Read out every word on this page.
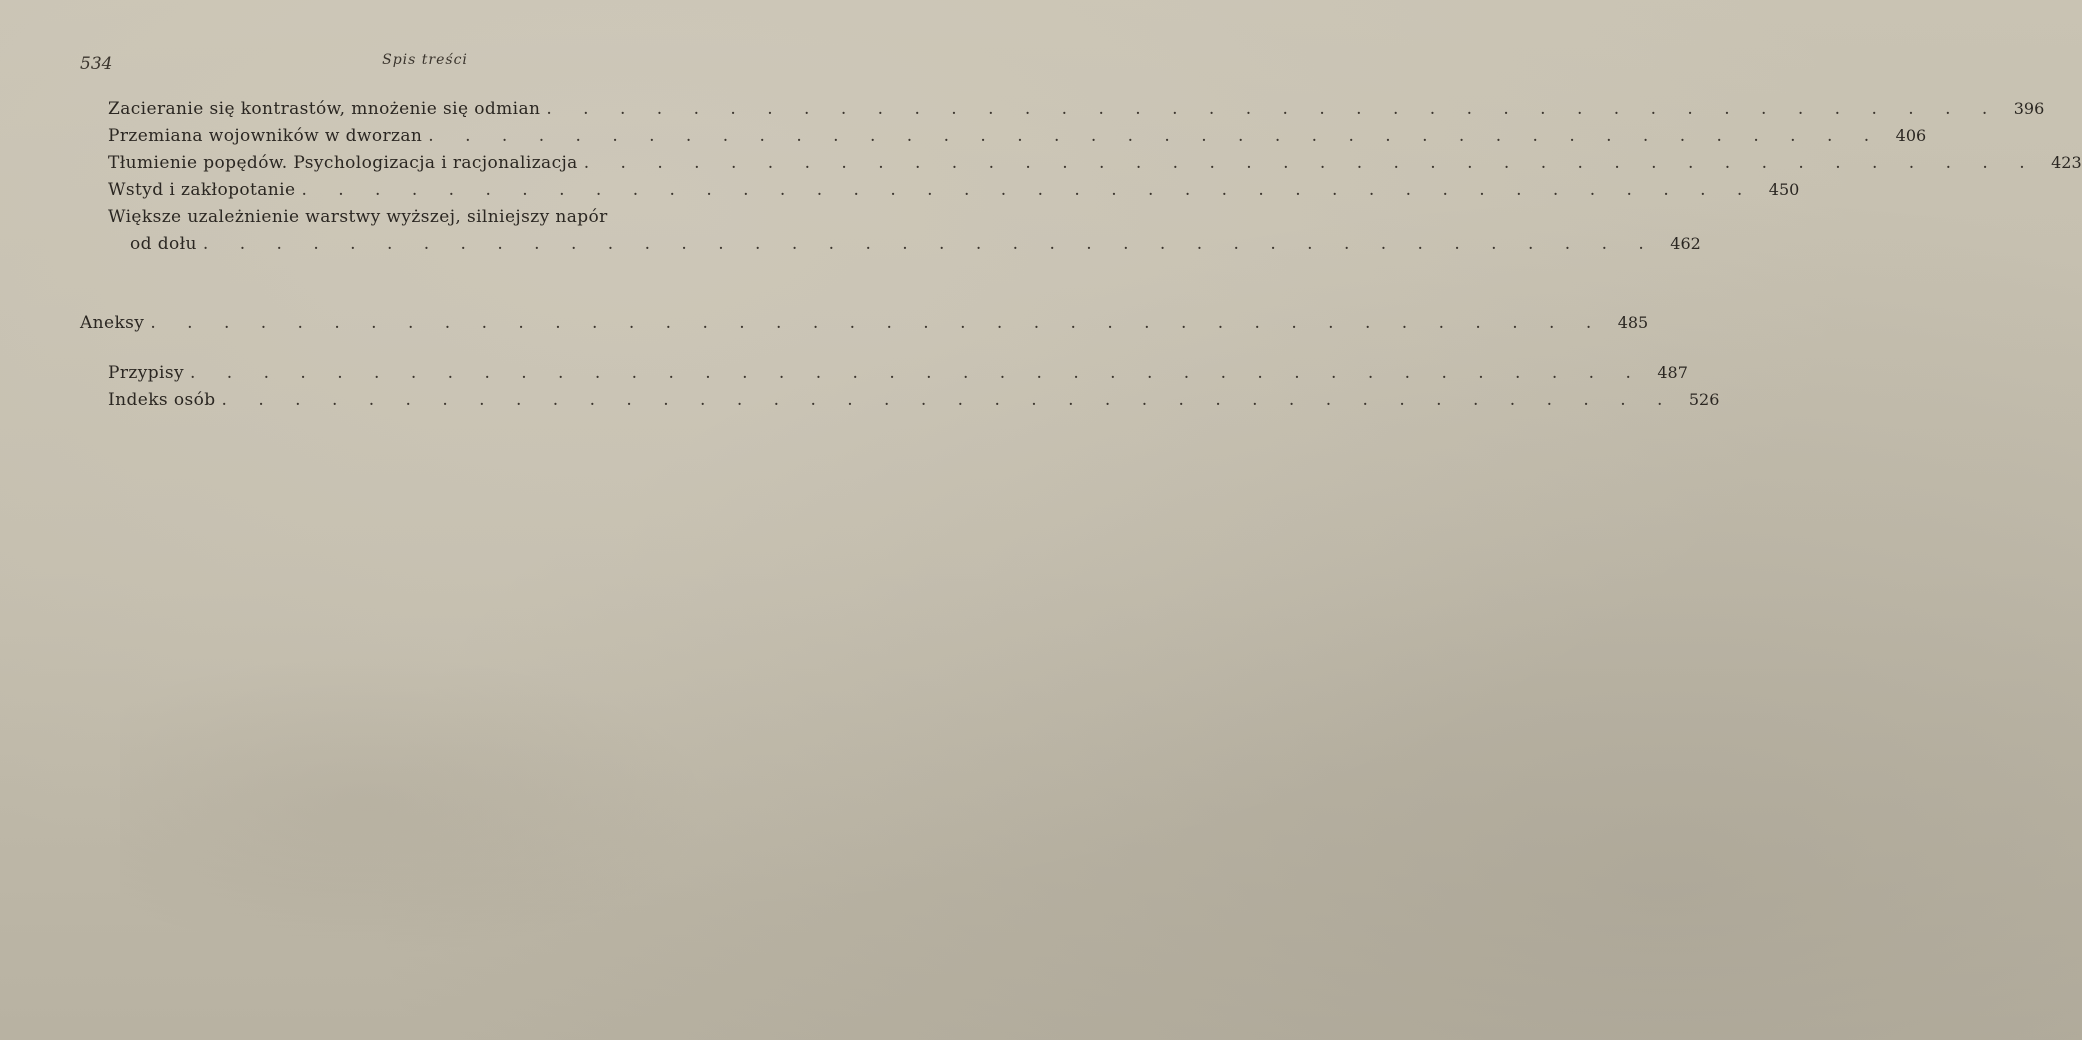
534	Spis treści
Zacieranie się kontrastów, mnożenie się odmian . . . . . . . . . . . . . . . . . . . . . . . . . . . . . . . . . . . . . . . . 396
Przemiana wojowników w dworzan . . . . . . . . . . . . . . . . . . . . . . . . . . . . . . . . . . . . . . . . 406
Tłumienie popędów. Psychologizacja i racjonalizacja . . . . . . . . . . . . . . . . . . . . . . . . . . . . . . . . . . . . . . . . 423
Wstyd i zakłopotanie . . . . . . . . . . . . . . . . . . . . . . . . . . . . . . . . . . . . . . . . 450
Większe uzależnienie warstwy wyższej, silniejszy napór
od dołu . . . . . . . . . . . . . . . . . . . . . . . . . . . . . . . . . . . . . . . . 462
Aneksy . . . . . . . . . . . . . . . . . . . . . . . . . . . . . . . . . . . . . . . . 485
Przypisy . . . . . . . . . . . . . . . . . . . . . . . . . . . . . . . . . . . . . . . . 487
Indeks osób . . . . . . . . . . . . . . . . . . . . . . . . . . . . . . . . . . . . . . . . 526
